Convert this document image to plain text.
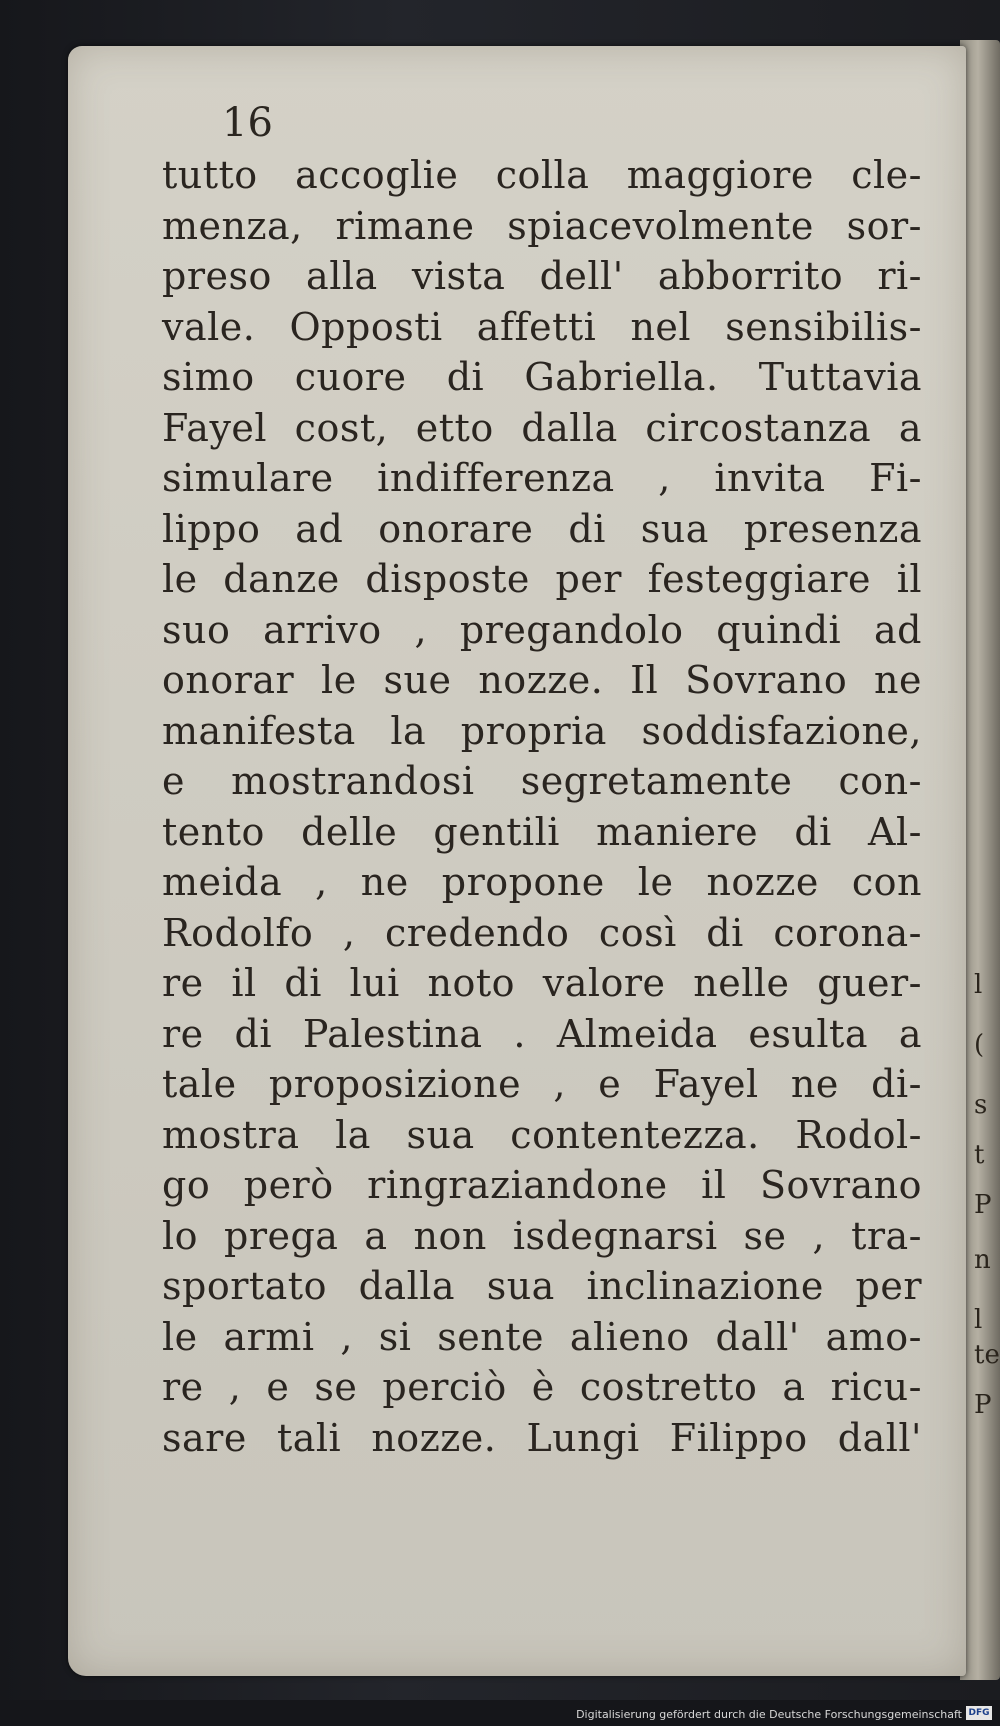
l
(
s
t
P
n
l
te
P
16
tutto accoglie colla maggiore cle-
menza, rimane spiacevolmente sor-
preso alla vista dell' abborrito ri-
vale. Opposti affetti nel sensibilis-
simo cuore di Gabriella. Tuttavia
Fayel cost, etto dalla circostanza a
simulare indifferenza , invita Fi-
lippo ad onorare di sua presenza
le danze disposte per festeggiare il
suo arrivo , pregandolo quindi ad
onorar le sue nozze. Il Sovrano ne
manifesta la propria soddisfazione,
e mostrandosi segretamente con-
tento delle gentili maniere di Al-
meida , ne propone le nozze con
Rodolfo , credendo così di corona-
re il di lui noto valore nelle guer-
re di Palestina . Almeida esulta a
tale proposizione , e Fayel ne di-
mostra la sua contentezza. Rodol-
go però ringraziandone il Sovrano
lo prega a non isdegnarsi se , tra-
sportato dalla sua inclinazione per
le armi , si sente alieno dall' amo-
re , e se perciò è costretto a ricu-
sare tali nozze. Lungi Filippo dall'
Digitalisierung gefördert durch die Deutsche Forschungsgemeinschaft DFG
